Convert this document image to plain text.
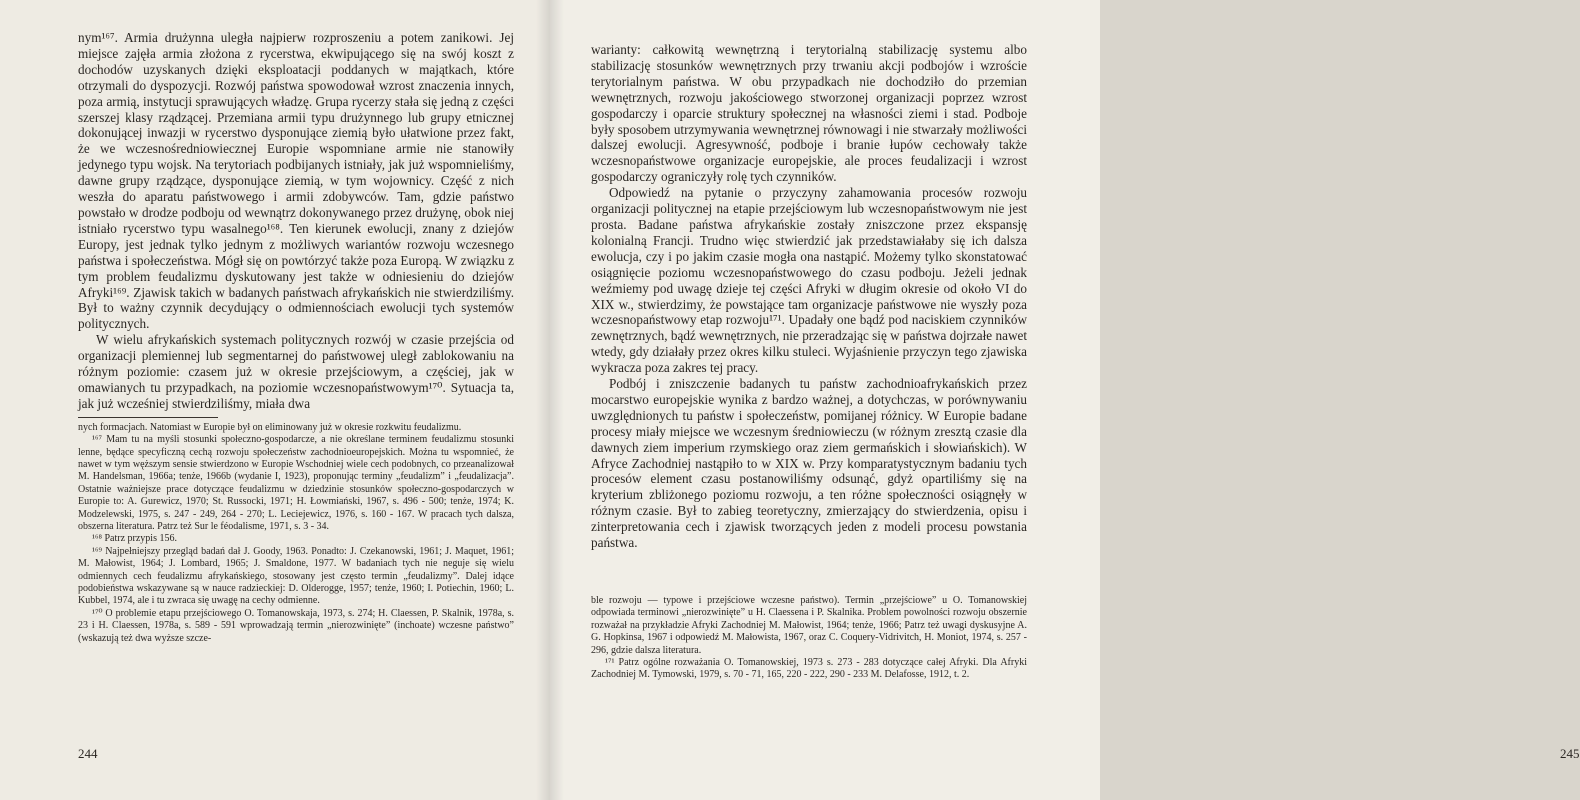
nym¹⁶⁷. Armia drużynna uległa najpierw rozproszeniu a potem zanikowi. Jej miejsce zajęła armia złożona z rycerstwa, ekwipującego się na swój koszt z dochodów uzyskanych dzięki eksploatacji poddanych w majątkach, które otrzymali do dyspozycji. Rozwój państwa spowodował wzrost znaczenia innych, poza armią, instytucji sprawujących władzę. Grupa rycerzy stała się jedną z części szerszej klasy rządzącej. Przemiana armii typu drużynnego lub grupy etnicznej dokonującej inwazji w rycerstwo dysponujące ziemią było ułatwione przez fakt, że we wczesnośredniowiecznej Europie wspomniane armie nie stanowiły jedynego typu wojsk. Na terytoriach podbijanych istniały, jak już wspomnieliśmy, dawne grupy rządzące, dysponujące ziemią, w tym wojownicy. Część z nich weszła do aparatu państwowego i armii zdobywców. Tam, gdzie państwo powstało w drodze podboju od wewnątrz dokonywanego przez drużynę, obok niej istniało rycerstwo typu wasalnego¹⁶⁸. Ten kierunek ewolucji, znany z dziejów Europy, jest jednak tylko jednym z możliwych wariantów rozwoju wczesnego państwa i społeczeństwa. Mógł się on powtórzyć także poza Europą. W związku z tym problem feudalizmu dyskutowany jest także w odniesieniu do dziejów Afryki¹⁶⁹. Zjawisk takich w badanych państwach afrykańskich nie stwierdziliśmy. Był to ważny czynnik decydujący o odmiennościach ewolucji tych systemów politycznych.

W wielu afrykańskich systemach politycznych rozwój w czasie przejścia od organizacji plemiennej lub segmentarnej do państwowej uległ zablokowaniu na różnym poziomie: czasem już w okresie przejściowym, a częściej, jak w omawianych tu przypadkach, na poziomie wczesnopaństwowym¹⁷⁰. Sytuacja ta, jak już wcześniej stwierdziliśmy, miała dwa

nych formacjach. Natomiast w Europie był on eliminowany już w okresie rozkwitu feudalizmu.

¹⁶⁷ Mam tu na myśli stosunki społeczno-gospodarcze, a nie określane terminem feudalizmu stosunki lenne, będące specyficzną cechą rozwoju społeczeństw zachodnioeuropejskich. Można tu wspomnieć, że nawet w tym węższym sensie stwierdzono w Europie Wschodniej wiele cech podobnych, co przeanalizował M. Handelsman, 1966a; tenże, 1966b (wydanie I, 1923), proponując terminy „feudalizm” i „feudalizacja”. Ostatnie ważniejsze prace dotyczące feudalizmu w dziedzinie stosunków społeczno-gospodarczych w Europie to: A. Gurewicz, 1970; St. Russocki, 1971; H. Łowmiański, 1967, s. 496 - 500; tenże, 1974; K. Modzelewski, 1975, s. 247 - 249, 264 - 270; L. Leciejewicz, 1976, s. 160 - 167. W pracach tych dalsza, obszerna literatura. Patrz też Sur le féodalisme, 1971, s. 3 - 34.

¹⁶⁸ Patrz przypis 156.

¹⁶⁹ Najpełniejszy przegląd badań dał J. Goody, 1963. Ponadto: J. Czekanowski, 1961; J. Maquet, 1961; M. Małowist, 1964; J. Lombard, 1965; J. Smaldone, 1977. W badaniach tych nie neguje się wielu odmiennych cech feudalizmu afrykańskiego, stosowany jest często termin „feudalizmy”. Dalej idące podobieństwa wskazywane są w nauce radzieckiej: D. Olderogge, 1957; tenże, 1960; I. Potiechin, 1960; L. Kubbel, 1974, ale i tu zwraca się uwagę na cechy odmienne.

¹⁷⁰ O problemie etapu przejściowego O. Tomanowskaja, 1973, s. 274; H. Claessen, P. Skalnik, 1978a, s. 23 i H. Claessen, 1978a, s. 589 - 591 wprowadzają termin „nierozwinięte” (inchoate) wczesne państwo” (wskazują też dwa wyższe szcze-

244	245

warianty: całkowitą wewnętrzną i terytorialną stabilizację systemu albo stabilizację stosunków wewnętrznych przy trwaniu akcji podbojów i wzroście terytorialnym państwa. W obu przypadkach nie dochodziło do przemian wewnętrznych, rozwoju jakościowego stworzonej organizacji poprzez wzrost gospodarczy i oparcie struktury społecznej na własności ziemi i stad. Podboje były sposobem utrzymywania wewnętrznej równowagi i nie stwarzały możliwości dalszej ewolucji. Agresywność, podboje i branie łupów cechowały także wczesnopaństwowe organizacje europejskie, ale proces feudalizacji i wzrost gospodarczy ograniczyły rolę tych czynników.

Odpowiedź na pytanie o przyczyny zahamowania procesów rozwoju organizacji politycznej na etapie przejściowym lub wczesnopaństwowym nie jest prosta. Badane państwa afrykańskie zostały zniszczone przez ekspansję kolonialną Francji. Trudno więc stwierdzić jak przedstawiałaby się ich dalsza ewolucja, czy i po jakim czasie mogła ona nastąpić. Możemy tylko skonstatować osiągnięcie poziomu wczesnopaństwowego do czasu podboju. Jeżeli jednak weźmiemy pod uwagę dzieje tej części Afryki w długim okresie od około VI do XIX w., stwierdzimy, że powstające tam organizacje państwowe nie wyszły poza wczesnopaństwowy etap rozwoju¹⁷¹. Upadały one bądź pod naciskiem czynników zewnętrznych, bądź wewnętrznych, nie przeradzając się w państwa dojrzałe nawet wtedy, gdy działały przez okres kilku stuleci. Wyjaśnienie przyczyn tego zjawiska wykracza poza zakres tej pracy.

Podbój i zniszczenie badanych tu państw zachodnioafrykańskich przez mocarstwo europejskie wynika z bardzo ważnej, a dotychczas, w porównywaniu uwzględnionych tu państw i społeczeństw, pomijanej różnicy. W Europie badane procesy miały miejsce we wczesnym średniowieczu (w różnym zresztą czasie dla dawnych ziem imperium rzymskiego oraz ziem germańskich i słowiańskich). W Afryce Zachodniej nastąpiło to w XIX w. Przy komparatystycznym badaniu tych procesów element czasu postanowiliśmy odsunąć, gdyż opartiliśmy się na kryterium zbliżonego poziomu rozwoju, a ten różne społeczności osiągnęły w różnym czasie. Był to zabieg teoretyczny, zmierzający do stwierdzenia, opisu i zinterpretowania cech i zjawisk tworzących jeden z modeli procesu powstania państwa.

ble rozwoju — typowe i przejściowe wczesne państwo). Termin „przejściowe” u O. Tomanowskiej odpowiada terminowi „nierozwinięte” u H. Claessena i P. Skalnika. Problem powolności rozwoju obszernie rozważał na przykładzie Afryki Zachodniej M. Małowist, 1964; tenże, 1966; Patrz też uwagi dyskusyjne A. G. Hopkinsa, 1967 i odpowiedź M. Małowista, 1967, oraz C. Coquery-Vidrivitch, H. Moniot, 1974, s. 257 - 296, gdzie dalsza literatura.

¹⁷¹ Patrz ogólne rozważania O. Tomanowskiej, 1973 s. 273 - 283 dotyczące całej Afryki. Dla Afryki Zachodniej M. Tymowski, 1979, s. 70 - 71, 165, 220 - 222, 290 - 233 M. Delafosse, 1912, t. 2.
